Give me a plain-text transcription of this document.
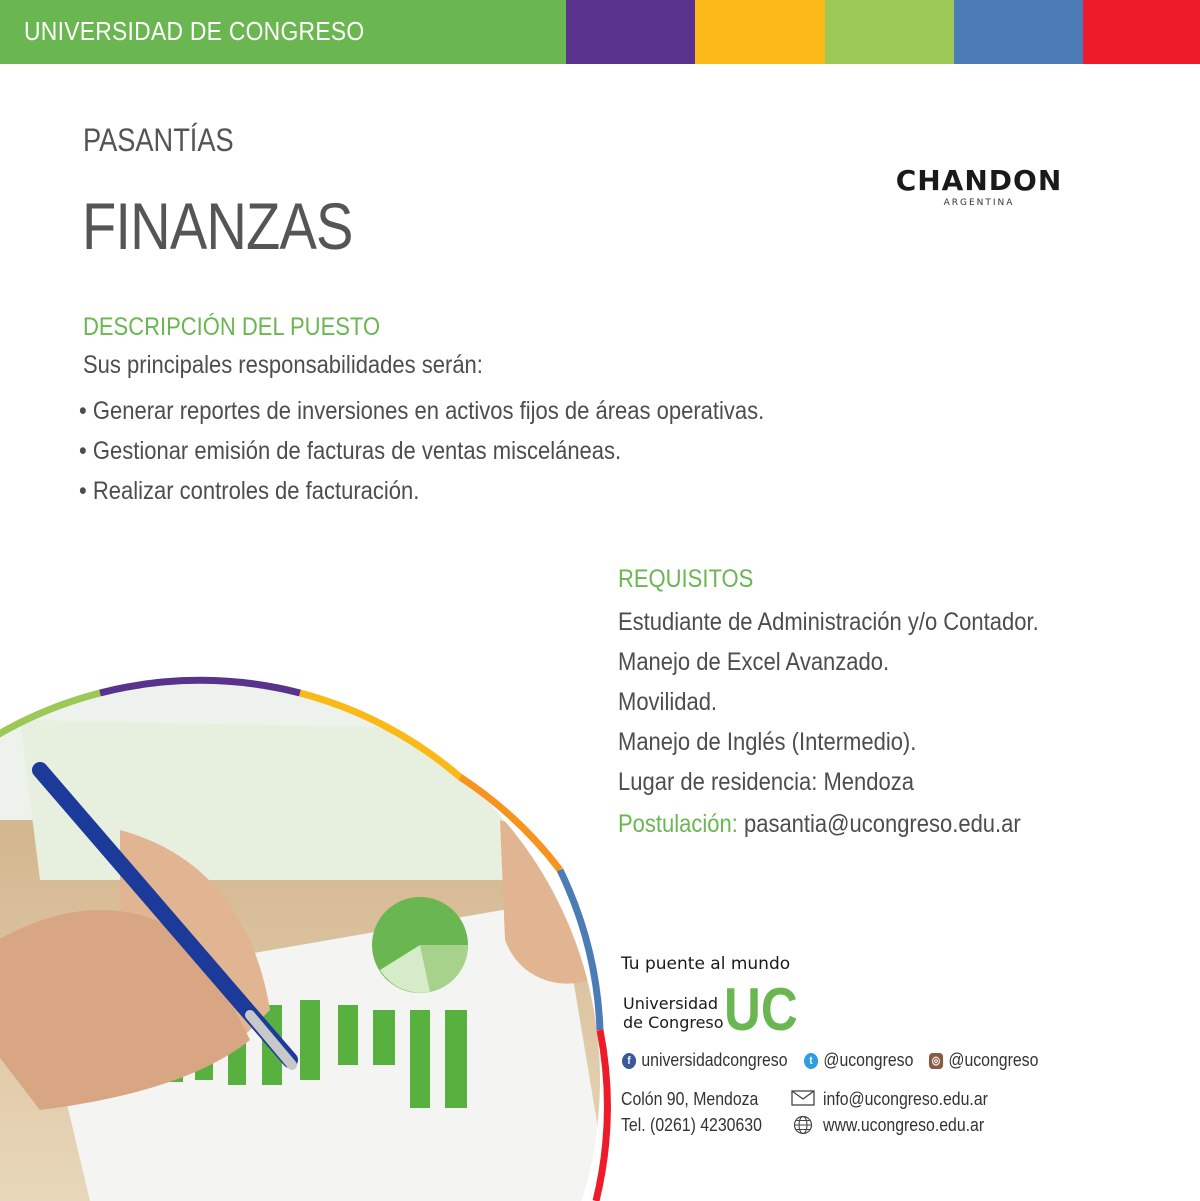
UNIVERSIDAD DE CONGRESO
PASANTÍAS
FINANZAS
CHANDON
ARGENTINA
DESCRIPCIÓN DEL PUESTO
Sus principales responsabilidades serán:
• Generar reportes de inversiones en activos fijos de áreas operativas.
• Gestionar emisión de facturas de ventas misceláneas.
• Realizar controles de facturación.
REQUISITOS
Estudiante de Administración y/o Contador.
Manejo de Excel Avanzado.
Movilidad.
Manejo de Inglés (Intermedio).
Lugar de residencia: Mendoza
Postulación: pasantia@ucongreso.edu.ar
Tu puente al mundo
Universidad
de Congreso UC
f universidadcongreso	t @ucongreso ◎ @ucongreso
Colón 90, Mendoza
Tel. (0261) 4230630
info@ucongreso.edu.ar
www.ucongreso.edu.ar
